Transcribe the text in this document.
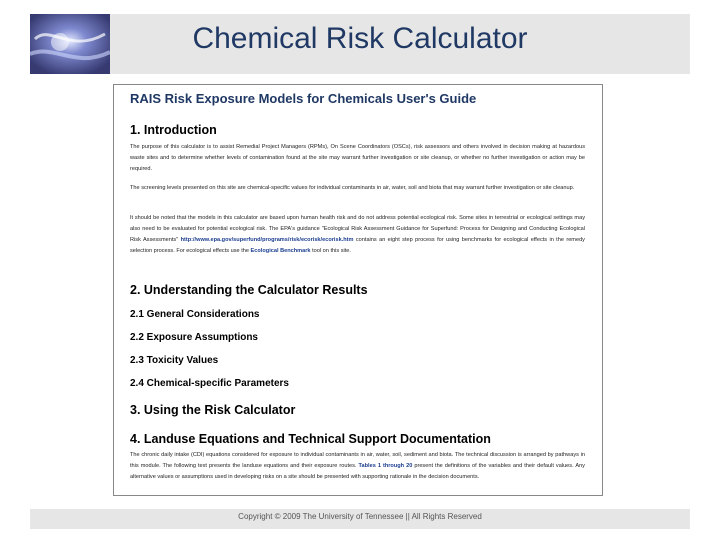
Chemical Risk Calculator
RAIS Risk Exposure Models for Chemicals User's Guide
1. Introduction
The purpose of this calculator is to assist Remedial Project Managers (RPMs), On Scene Coordinators (OSCs), risk assessors and others involved in decision making at hazardous waste sites and to determine whether levels of contamination found at the site may warrant further investigation or site cleanup, or whether no further investigation or action may be required.
The screening levels presented on this site are chemical-specific values for individual contaminants in air, water, soil and biota that may warrant further investigation or site cleanup.
It should be noted that the models in this calculator are based upon human health risk and do not address potential ecological risk. Some sites in terrestrial or ecological settings may also need to be evaluated for potential ecological risk. The EPA's guidance "Ecological Risk Assessment Guidance for Superfund: Process for Designing and Conducting Ecological Risk Assessments" http://www.epa.gov/superfund/programs/risk/ecorisk/ecorisk.htm contains an eight step process for using benchmarks for ecological effects in the remedy selection process. For ecological effects use the Ecological Benchmark tool on this site.
2. Understanding the Calculator Results
2.1 General Considerations
2.2 Exposure Assumptions
2.3 Toxicity Values
2.4 Chemical-specific Parameters
3. Using the Risk Calculator
4. Landuse Equations and Technical Support Documentation
The chronic daily intake (CDI) equations considered for exposure to individual contaminants in air, water, soil, sediment and biota. The technical discussion is arranged by pathways in this module. The following text presents the landuse equations and their exposure routes. Tables 1 through 20 present the definitions of the variables and their default values. Any alternative values or assumptions used in developing risks on a site should be presented with supporting rationale in the decision documents.
Copyright © 2009 The University of Tennessee || All Rights Reserved
